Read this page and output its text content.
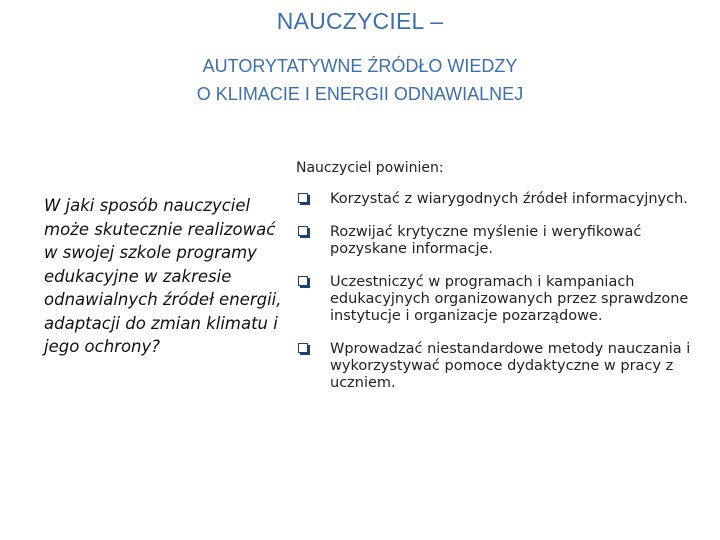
NAUCZYCIEL –
AUTORYTATYWNE ŹRÓDŁO WIEDZY
O KLIMACIE I ENERGII ODNAWIALNEJ
W jaki sposób nauczyciel może skutecznie realizować w swojej szkole programy edukacyjne w zakresie odnawialnych źródeł energii, adaptacji do zmian klimatu i jego ochrony?
Nauczyciel powinien:
Korzystać z wiarygodnych źródeł informacyjnych.
Rozwijać krytyczne myślenie i weryfikować pozyskane informacje.
Uczestniczyć w programach i kampaniach edukacyjnych organizowanych przez sprawdzone instytucje i organizacje pozarządowe.
Wprowadzać niestandardowe metody nauczania i wykorzystywać pomoce dydaktyczne w pracy z uczniem.
